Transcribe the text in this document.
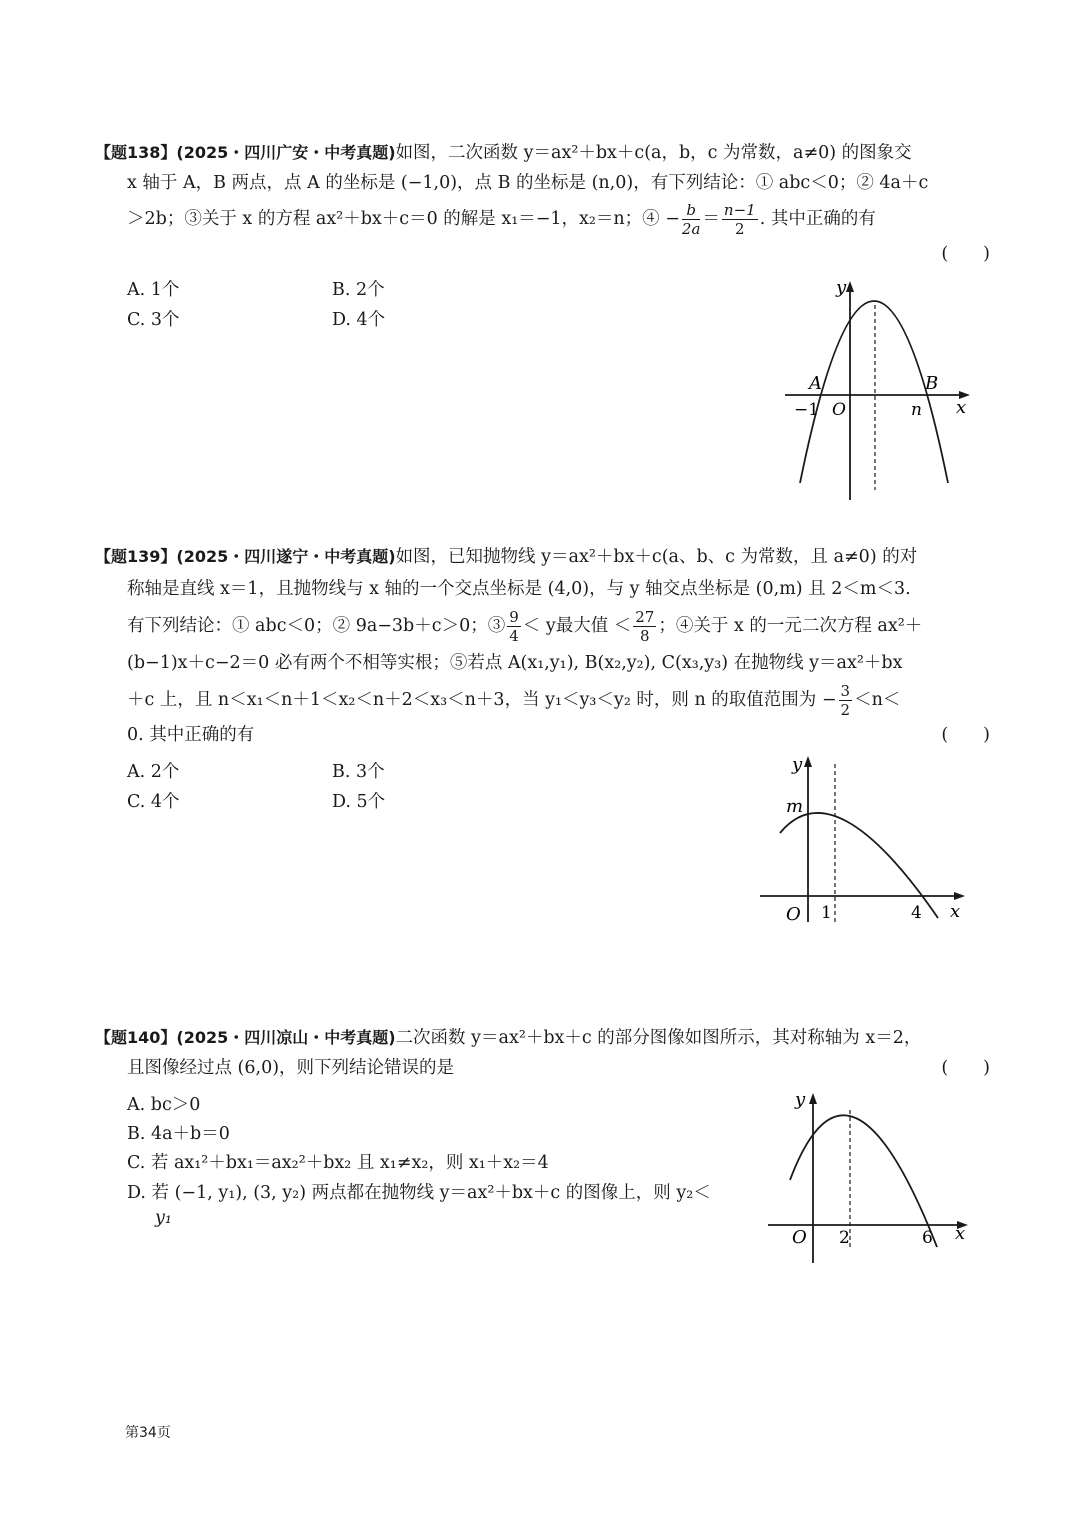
【题138】(2025・四川广安・中考真题)如图，二次函数 y＝ax²＋bx＋c(a，b，c 为常数，a≠0) 的图象交
x 轴于 A，B 两点，点 A 的坐标是 (−1,0)，点 B 的坐标是 (n,0)，有下列结论：① abc＜0；② 4a＋c
＞2b；③关于 x 的方程 ax²＋bx＋c＝0 的解是 x₁＝−1，x₂＝n；④ − $\frac{b}{2a} = \frac{n-1}{2}$ . 其中正确的有
(　　)
A. 1个	B. 2个
C. 3个	D. 4个
y
x
A	B
−1 O	n
【题139】(2025・四川遂宁・中考真题)如图，已知抛物线 y＝ax²＋bx＋c(a、b、c 为常数，且 a≠0) 的对
称轴是直线 x＝1，且抛物线与 x 轴的一个交点坐标是 (4,0)，与 y 轴交点坐标是 (0,m) 且 2＜m＜3.
有下列结论：① abc＜0；② 9a−3b＋c＞0；③ $\frac{9}{4} < y$最大值 ＜ $\frac{27}{8}$ ；④关于 x 的一元二次方程 ax²＋
(b−1)x＋c−2＝0 必有两个不相等实根；⑤若点 A(x₁,y₁), B(x₂,y₂), C(x₃,y₃) 在抛物线 y＝ax²＋bx
＋c 上，且 n＜x₁＜n＋1＜x₂＜n＋2＜x₃＜n＋3，当 y₁＜y₃＜y₂ 时，则 n 的取值范围为 − $\frac{3}{2} <n<$
0. 其中正确的有	(　　)
A. 2个	B. 3个
C. 4个	D. 5个
y
x
m
O 1	4
【题140】(2025・四川凉山・中考真题)二次函数 y＝ax²＋bx＋c 的部分图像如图所示，其对称轴为 x＝2，
且图像经过点 (6,0)，则下列结论错误的是	(　　)
A. bc＞0
B. 4a＋b＝0
C. 若 ax₁²＋bx₁＝ax₂²＋bx₂ 且 x₁≠x₂，则 x₁＋x₂＝4
D. 若 (−1, y₁), (3, y₂) 两点都在抛物线 y＝ax²＋bx＋c 的图像上，则 y₂＜
y₁
y
x
O 2	6
第34页
